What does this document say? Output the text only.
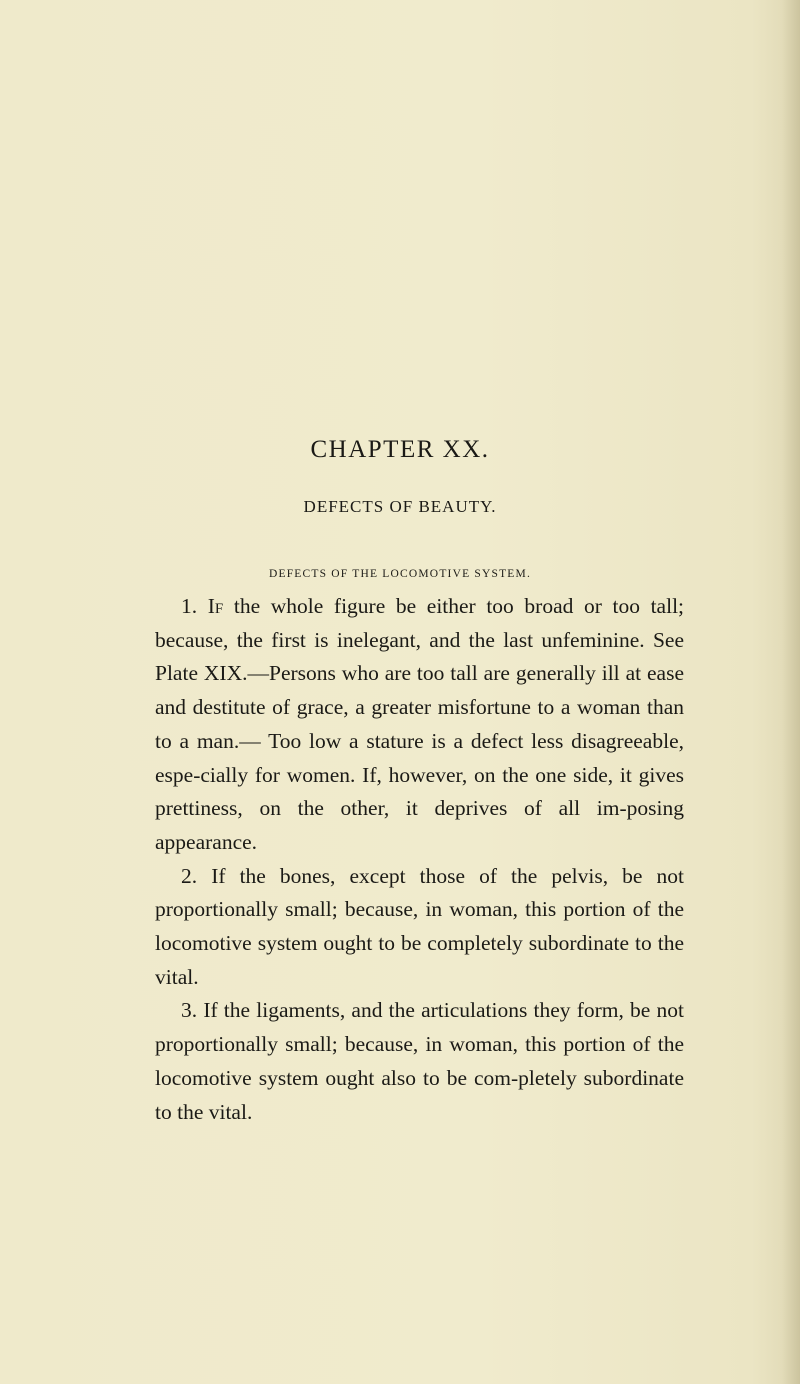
CHAPTER XX.
DEFECTS OF BEAUTY.
DEFECTS OF THE LOCOMOTIVE SYSTEM.

1. If the whole figure be either too broad or too tall; because, the first is inelegant, and the last unfeminine. See Plate XIX.—Persons who are too tall are generally ill at ease and destitute of grace, a greater misfortune to a woman than to a man.— Too low a stature is a defect less disagreeable, espe-cially for women. If, however, on the one side, it gives prettiness, on the other, it deprives of all im-posing appearance.

2. If the bones, except those of the pelvis, be not proportionally small; because, in woman, this portion of the locomotive system ought to be completely subordinate to the vital.

3. If the ligaments, and the articulations they form, be not proportionally small; because, in woman, this portion of the locomotive system ought also to be com-pletely subordinate to the vital.
